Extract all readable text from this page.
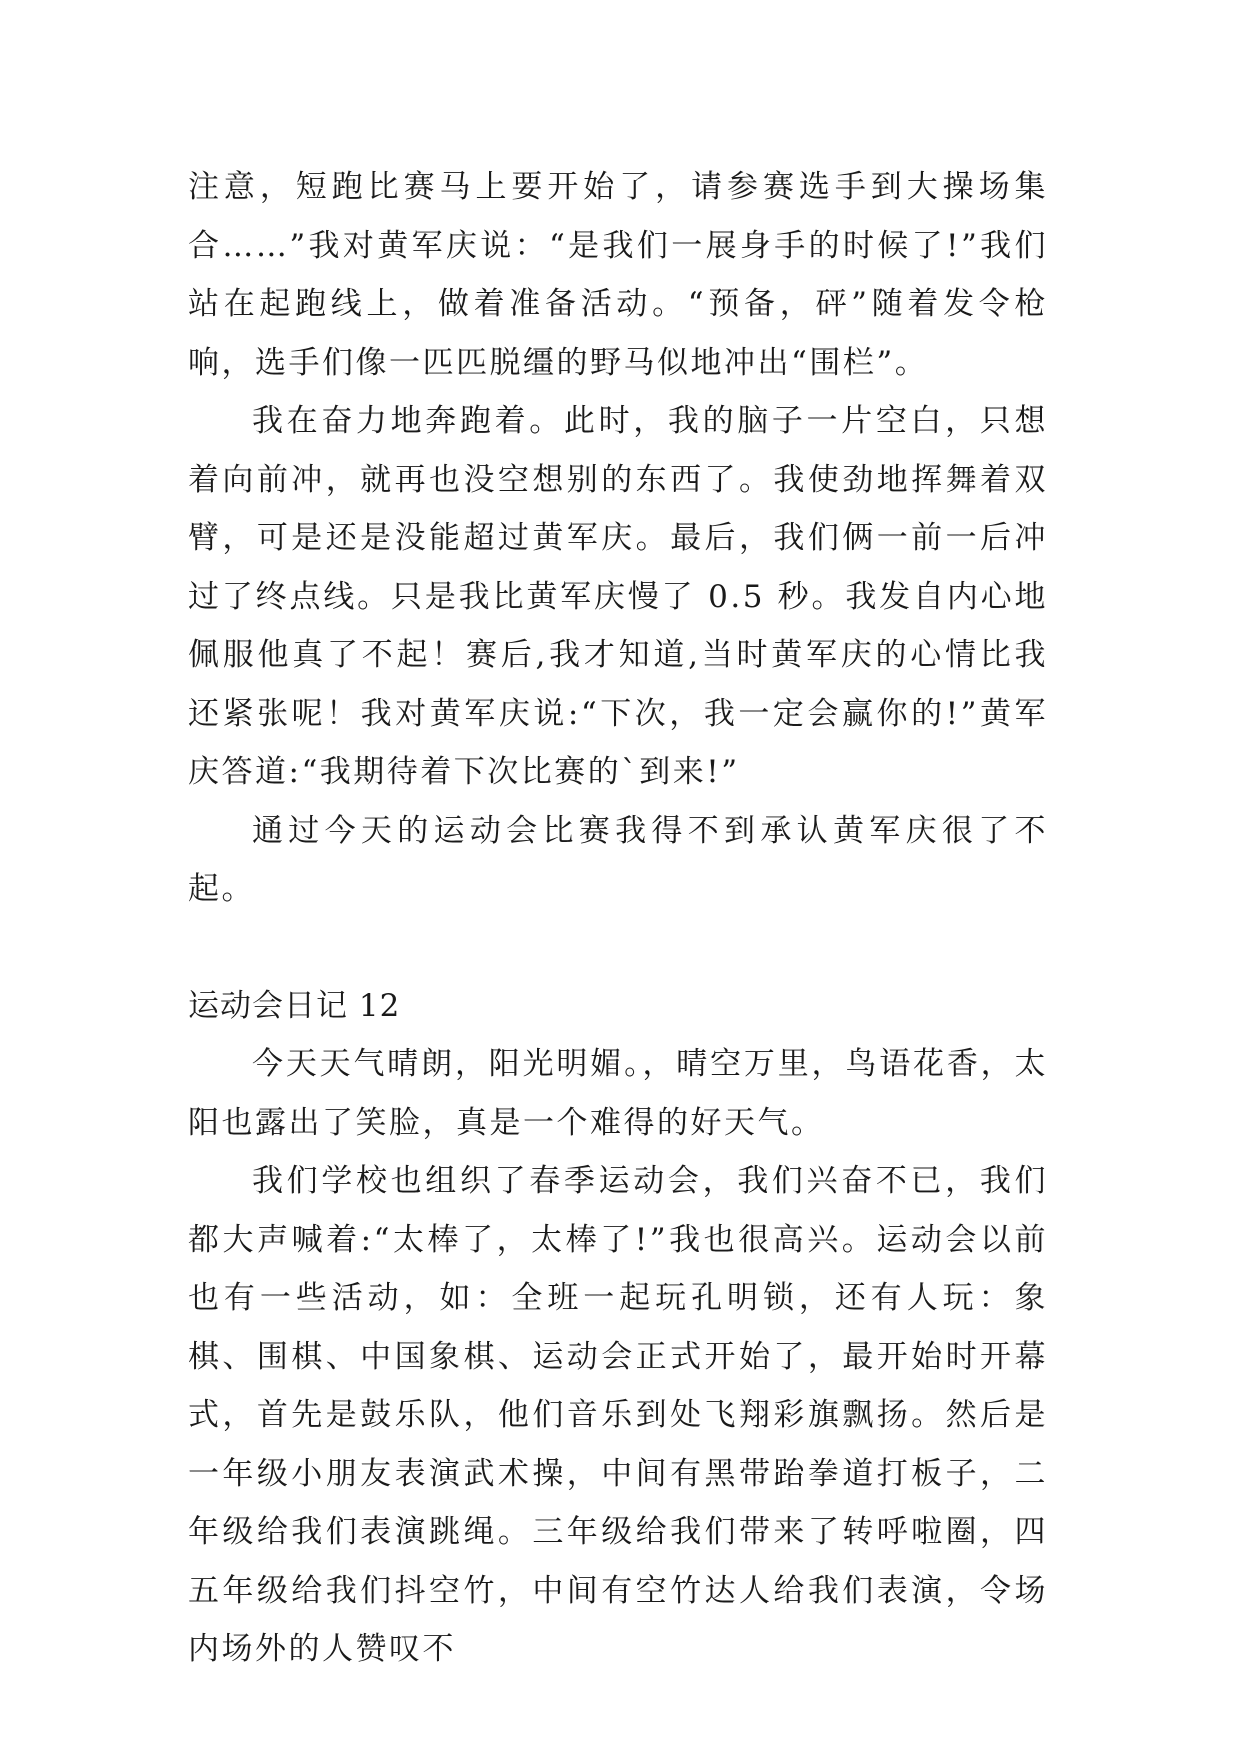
注意，短跑比赛马上要开始了，请参赛选手到大操场集合……”我对黄军庆说：“是我们一展身手的时候了!”我们站在起跑线上，做着准备活动。“预备，砰”随着发令枪响，选手们像一匹匹脱缰的野马似地冲出“围栏”。

我在奋力地奔跑着。此时，我的脑子一片空白，只想着向前冲，就再也没空想别的东西了。我使劲地挥舞着双臂，可是还是没能超过黄军庆。最后，我们俩一前一后冲过了终点线。只是我比黄军庆慢了 0.5 秒。我发自内心地佩服他真了不起！赛后,我才知道,当时黄军庆的心情比我还紧张呢！我对黄军庆说:“下次，我一定会赢你的!”黄军庆答道:“我期待着下次比赛的`到来!”

通过今天的运动会比赛我得不到承认黄军庆很了不起。

运动会日记 12

今天天气晴朗，阳光明媚。，晴空万里，鸟语花香，太阳也露出了笑脸，真是一个难得的好天气。

我们学校也组织了春季运动会，我们兴奋不已，我们都大声喊着:“太棒了，太棒了!”我也很高兴。运动会以前也有一些活动，如：全班一起玩孔明锁，还有人玩：象棋、围棋、中国象棋、运动会正式开始了，最开始时开幕式，首先是鼓乐队，他们音乐到处飞翔彩旗飘扬。然后是一年级小朋友表演武术操，中间有黑带跆拳道打板子，二年级给我们表演跳绳。三年级给我们带来了转呼啦圈，四五年级给我们抖空竹，中间有空竹达人给我们表演，令场内场外的人赞叹不
